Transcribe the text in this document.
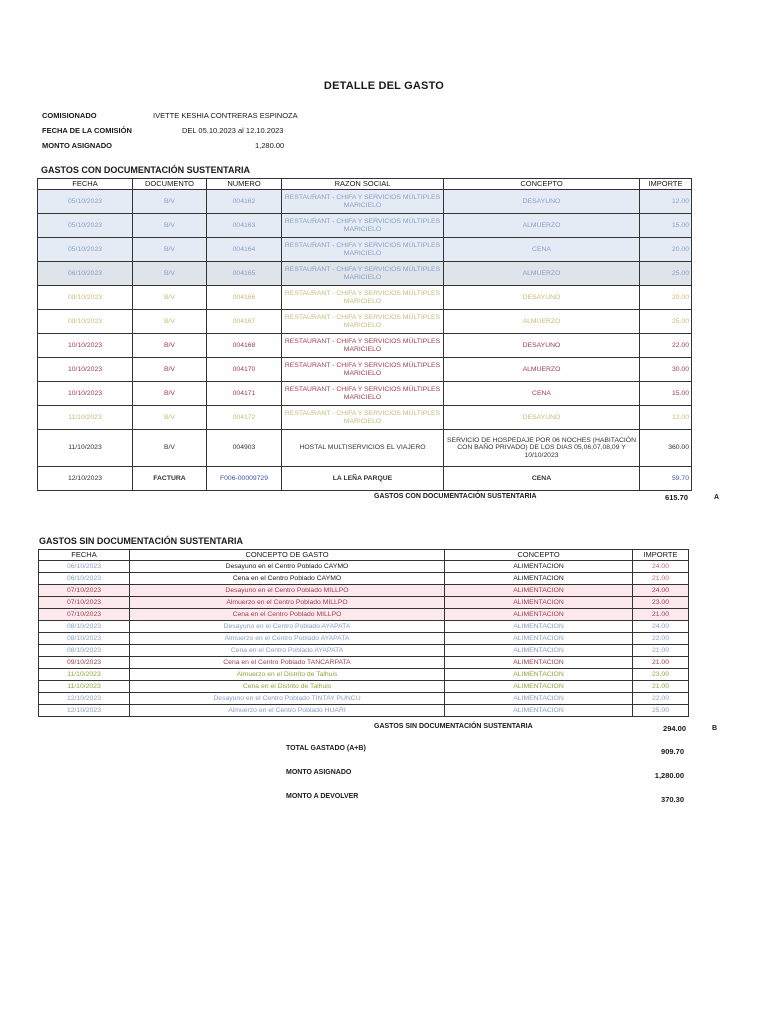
DETALLE DEL GASTO
COMISIONADO	IVETTE KESHIA CONTRERAS ESPINOZA
FECHA DE LA COMISIÓN	DEL 05.10.2023 al 12.10.2023
MONTO ASIGNADO	1,280.00
GASTOS CON DOCUMENTACIÓN SUSTENTARIA
FECHA	DOCUMENTO	NUMERO	RAZON SOCIAL	CONCEPTO	IMPORTE
05/10/2023	B/V	004162	RESTAURANT - CHIFA Y SERVICIOS MÚLTIPLES MARICIELO	DESAYUNO	12.00
05/10/2023	B/V	004163	RESTAURANT - CHIFA Y SERVICIOS MÚLTIPLES MARICIELO	ALMUERZO	15.00
05/10/2023	B/V	004164	RESTAURANT - CHIFA Y SERVICIOS MÚLTIPLES MARICIELO	CENA	20.00
06/10/2023	B/V	004165	RESTAURANT - CHIFA Y SERVICIOS MÚLTIPLES MARICIELO	ALMUERZO	25.00
09/10/2023	B/V	004166	RESTAURANT - CHIFA Y SERVICIOS MÚLTIPLES MARICIELO	DESAYUNO	20.00
09/10/2023	B/V	004167	RESTAURANT - CHIFA Y SERVICIOS MÚLTIPLES MARICIELO	ALMUERZO	25.00
10/10/2023	B/V	004168	RESTAURANT - CHIFA Y SERVICIOS MÚLTIPLES MARICIELO	DESAYUNO	22.00
10/10/2023	B/V	004170	RESTAURANT - CHIFA Y SERVICIOS MÚLTIPLES MARICIELO	ALMUERZO	30.00
10/10/2023	B/V	004171	RESTAURANT - CHIFA Y SERVICIOS MÚLTIPLES MARICIELO	CENA	15.00
11/10/2023	B/V	004172	RESTAURANT - CHIFA Y SERVICIOS MÚLTIPLES MARICIELO	DESAYUNO	12.00
11/10/2023	B/V	004903	HOSTAL MULTISERVICIOS EL VIAJERO	SERVICIO DE HOSPEDAJE POR 06 NOCHES (HABITACIÓN CON BAÑO PRIVADO) DE LOS DIAS 05,06,07,08,09 Y 10/10/2023	360.00
12/10/2023	FACTURA	F006-00009729	LA LEÑA PARQUE	CENA	59.70
GASTOS CON DOCUMENTACIÓN SUSTENTARIA	615.70	A
GASTOS SIN DOCUMENTACIÓN SUSTENTARIA
FECHA	CONCEPTO DE GASTO	CONCEPTO	IMPORTE
06/10/2023	Desayuno en el Centro Poblado CAYMO	ALIMENTACION	24.00
06/10/2023	Cena en el Centro Poblado CAYMO	ALIMENTACION	21.00
07/10/2023	Desayuno en el Centro Poblado MILLPO	ALIMENTACION	24.00
07/10/2023	Almuerzo en el Centro Poblado MILLPO	ALIMENTACION	23.00
07/10/2023	Cena en el Centro Poblado MILLPO	ALIMENTACION	21.00
08/10/2023	Desayuno en el Centro Poblado AYAPATA	ALIMENTACION	24.00
08/10/2023	Almuerzo en el Centro Poblado AYAPATA	ALIMENTACION	22.00
08/10/2023	Cena en el Centro Poblado AYAPATA	ALIMENTACION	21.00
09/10/2023	Cena en el Centro Poblado TANCARPATA	ALIMENTACION	21.00
11/10/2023	Almuerzo en el Distrito de Talhuis	ALIMENTACION	23.00
11/10/2023	Cena en el Distrito de Talhuis	ALIMENTACION	21.00
12/10/2023	Desayuno en el Centro Poblado TINTAY PUNCU	ALIMENTACION	22.00
12/10/2023	Almuerzo en el Centro Poblado HUARI	ALIMENTACION	25.00
GASTOS SIN DOCUMENTACIÓN SUSTENTARIA	294.00	B
TOTAL GASTADO (A+B)	909.70
MONTO ASIGNADO	1,280.00
MONTO A DEVOLVER	370.30
